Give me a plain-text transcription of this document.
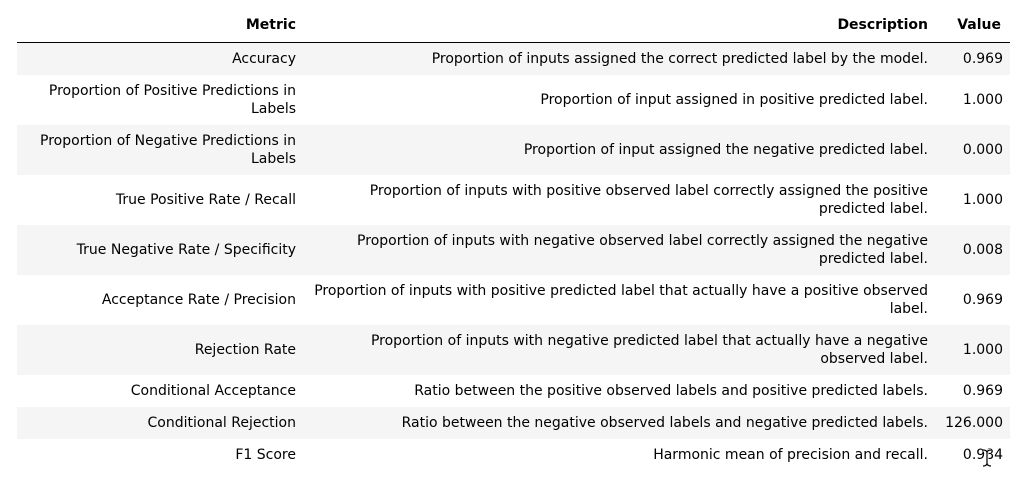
Metric	Description	Value
Accuracy	Proportion of inputs assigned the correct predicted label by the model.	0.969
Proportion of Positive Predictions in Labels	Proportion of input assigned in positive predicted label.	1.000
Proportion of Negative Predictions in Labels	Proportion of input assigned the negative predicted label.	0.000
True Positive Rate / Recall	Proportion of inputs with positive observed label correctly assigned the positive predicted label.	1.000
True Negative Rate / Specificity	Proportion of inputs with negative observed label correctly assigned the negative predicted label.	0.008
Acceptance Rate / Precision	Proportion of inputs with positive predicted label that actually have a positive observed label.	0.969
Rejection Rate	Proportion of inputs with negative predicted label that actually have a negative observed label.	1.000
Conditional Acceptance	Ratio between the positive observed labels and positive predicted labels.	0.969
Conditional Rejection	Ratio between the negative observed labels and negative predicted labels.	126.000
F1 Score	Harmonic mean of precision and recall.	0.984
